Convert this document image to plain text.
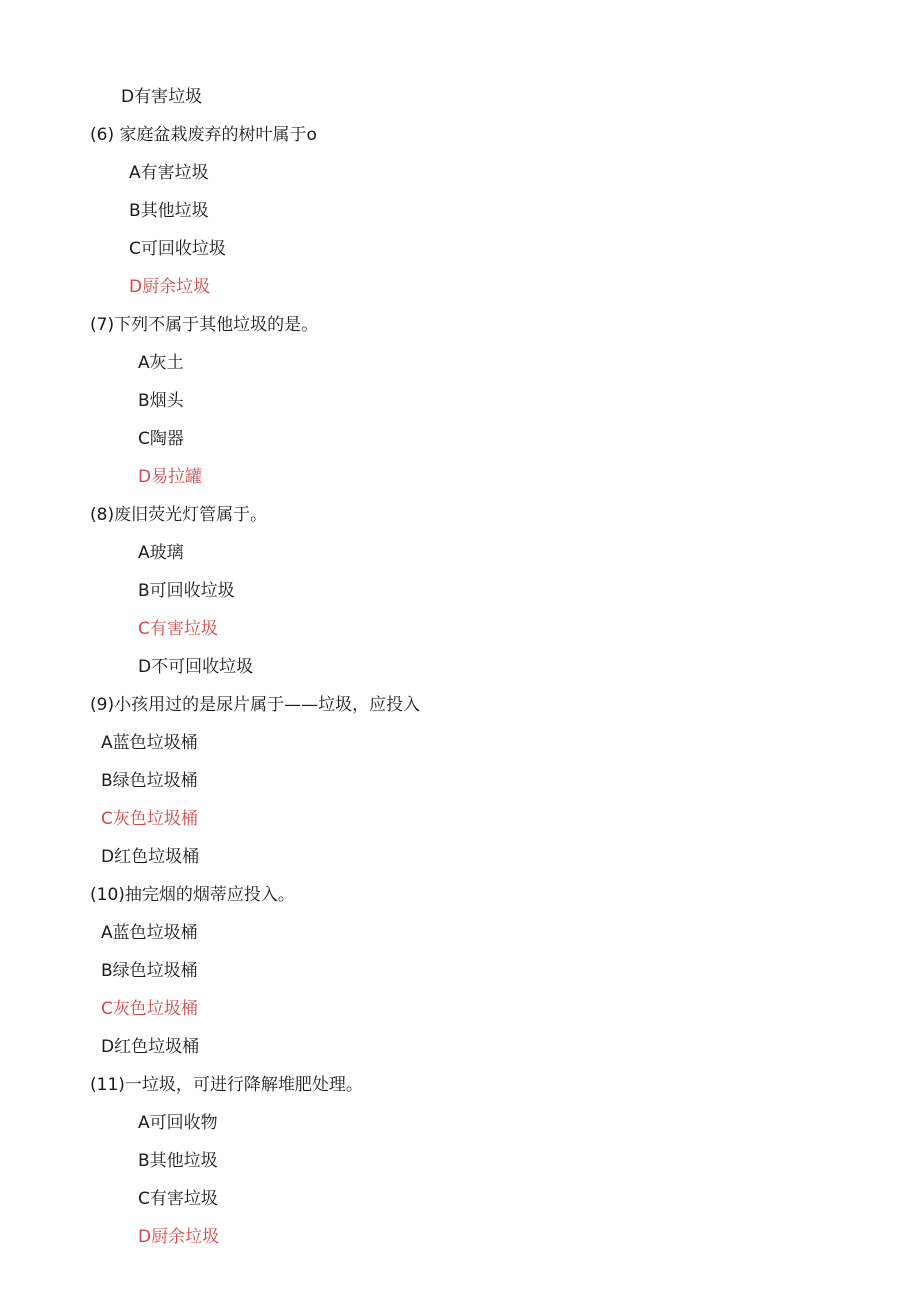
D有害垃圾
(6) 家庭盆栽废弃的树叶属于o
A有害垃圾
B其他垃圾
C可回收垃圾
D厨余垃圾
(7)下列不属于其他垃圾的是。
A灰土
B烟头
C陶器
D易拉罐
(8)废旧荧光灯管属于。
A玻璃
B可回收垃圾
C有害垃圾
D不可回收垃圾
(9)小孩用过的是尿片属于——垃圾，应投入
A蓝色垃圾桶
B绿色垃圾桶
C灰色垃圾桶
D红色垃圾桶
(10)抽完烟的烟蒂应投入。
A蓝色垃圾桶
B绿色垃圾桶
C灰色垃圾桶
D红色垃圾桶
(11)一垃圾，可进行降解堆肥处理。
A可回收物
B其他垃圾
C有害垃圾
D厨余垃圾
